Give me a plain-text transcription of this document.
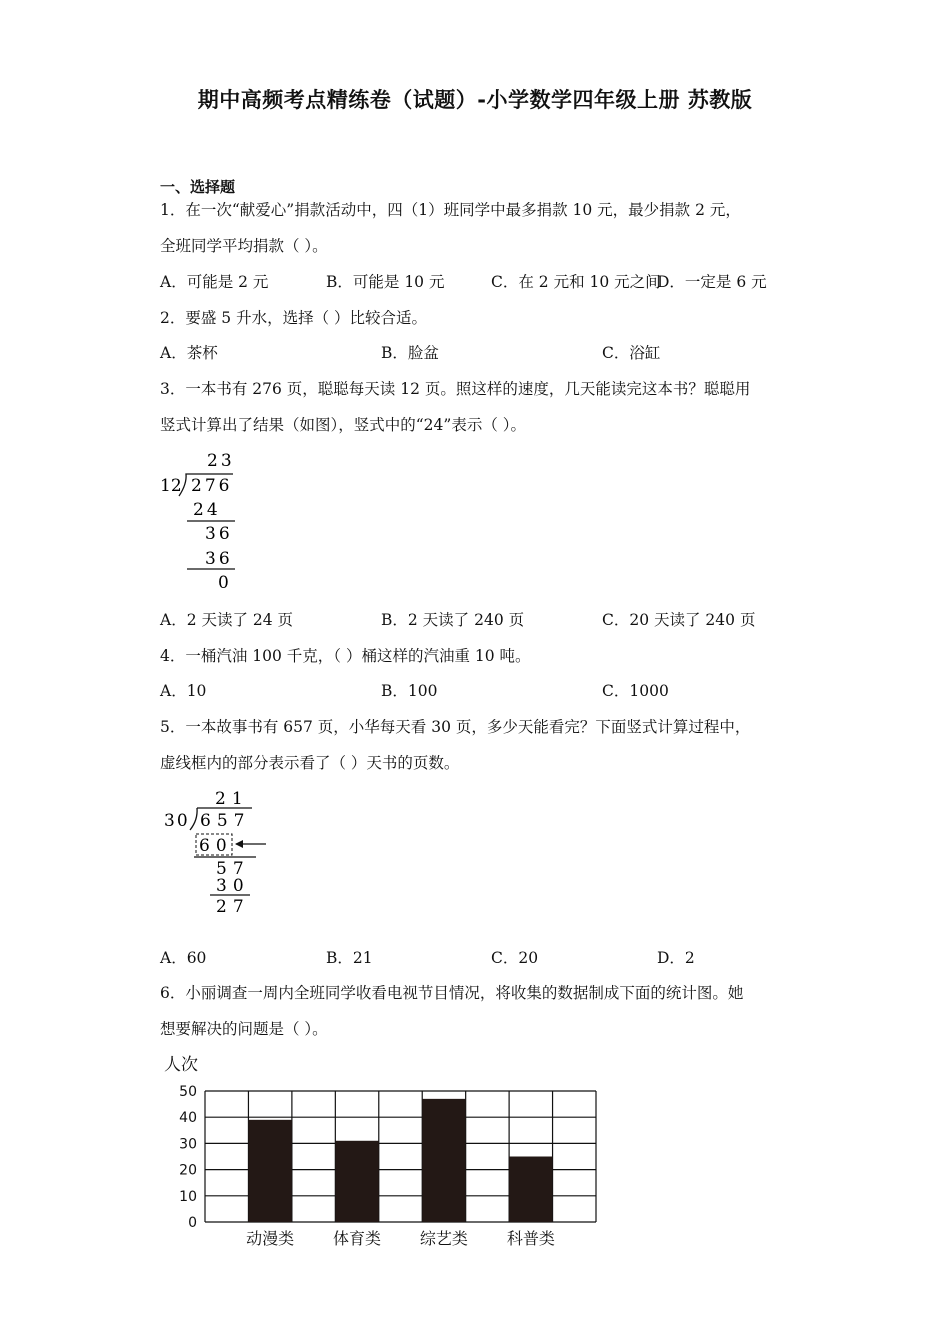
期中高频考点精练卷（试题）-小学数学四年级上册 苏教版
一、选择题
1．在一次“献爱心”捐款活动中，四（1）班同学中最多捐款 10 元，最少捐款 2 元，
全班同学平均捐款（ ）。
A．可能是 2 元	B．可能是 10 元	C．在 2 元和 10 元之间
D．一定是 6 元
2．要盛 5 升水，选择（ ）比较合适。
A．茶杯	B．脸盆	C．浴缸
3．一本书有 276 页，聪聪每天读 12 页。照这样的速度，几天能读完这本书？聪聪用
竖式计算出了结果（如图），竖式中的“24”表示（ ）。
12 276
23
24
36
36
0
A．2 天读了 24 页	B．2 天读了 240 页	C．20 天读了 240 页
4．一桶汽油 100 千克，（ ）桶这样的汽油重 10 吨。
A．10	B．100	C．1000
5．一本故事书有 657 页，小华每天看 30 页，多少天能看完？下面竖式计算过程中，
虚线框内的部分表示看了（ ）天书的页数。
21
30 657
60
57
30
27
A．60	B．21	C．20	D．2
6．小丽调查一周内全班同学收看电视节目情况，将收集的数据制成下面的统计图。她
想要解决的问题是（ ）。
人次
0
10
20
30
40
50
动漫类 体育类 综艺类 科普类
